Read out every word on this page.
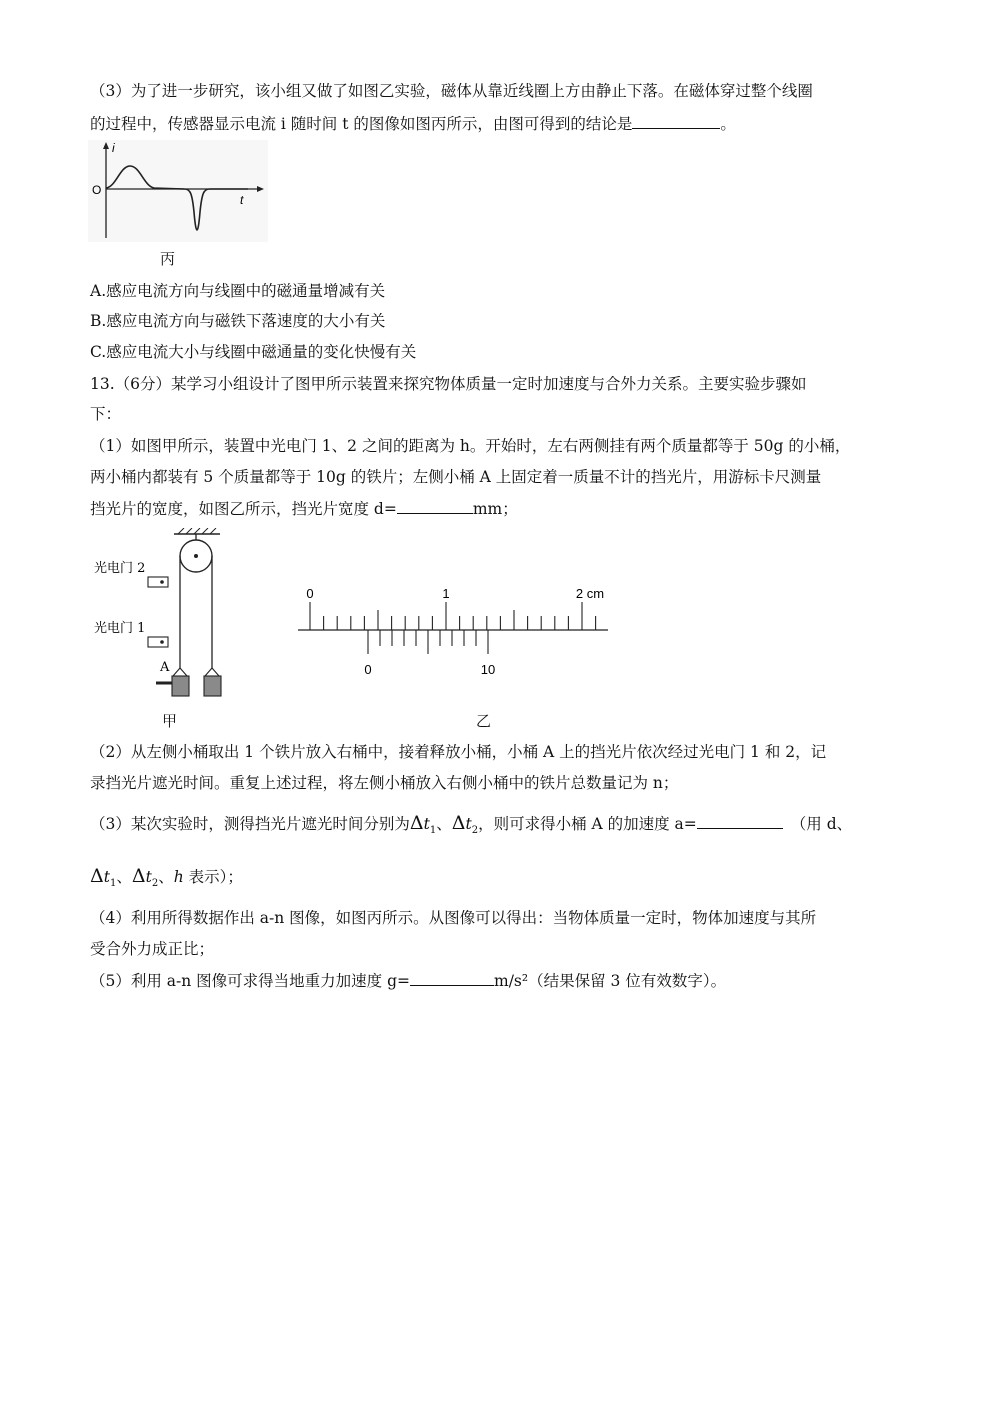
（3）为了进一步研究，该小组又做了如图乙实验，磁体从靠近线圈上方由静止下落。在磁体穿过整个线圈
的过程中，传感器显示电流 i 随时间 t 的图像如图丙所示，由图可得到的结论是	。
i
t
O
丙
A.感应电流方向与线圈中的磁通量增减有关
B.感应电流方向与磁铁下落速度的大小有关
C.感应电流大小与线圈中磁通量的变化快慢有关
13.（6分）某学习小组设计了图甲所示装置来探究物体质量一定时加速度与合外力关系。主要实验步骤如
下：
（1）如图甲所示，装置中光电门 1、2 之间的距离为 h。开始时，左右两侧挂有两个质量都等于 50g 的小桶，
两小桶内都装有 5 个质量都等于 10g 的铁片；左侧小桶 A 上固定着一质量不计的挡光片，用游标卡尺测量
挡光片的宽度，如图乙所示，挡光片宽度 d=	mm；
光电门 2
光电门 1
A
甲
0	1	2 cm
0	10
乙
（2）从左侧小桶取出 1 个铁片放入右桶中，接着释放小桶，小桶 A 上的挡光片依次经过光电门 1 和 2，记
录挡光片遮光时间。重复上述过程，将左侧小桶放入右侧小桶中的铁片总数量记为 n；
（3）某次实验时，测得挡光片遮光时间分别为$\Delta t_1$、$\Delta t_2$，则可求得小桶 A 的加速度 a=	（用 d、
$\Delta t_1$、$\Delta t_2$、h 表示）；
（4）利用所得数据作出 a-n 图像，如图丙所示。从图像可以得出：当物体质量一定时，物体加速度与其所
受合外力成正比；
（5）利用 a-n 图像可求得当地重力加速度 g=	m/s²（结果保留 3 位有效数字）。
